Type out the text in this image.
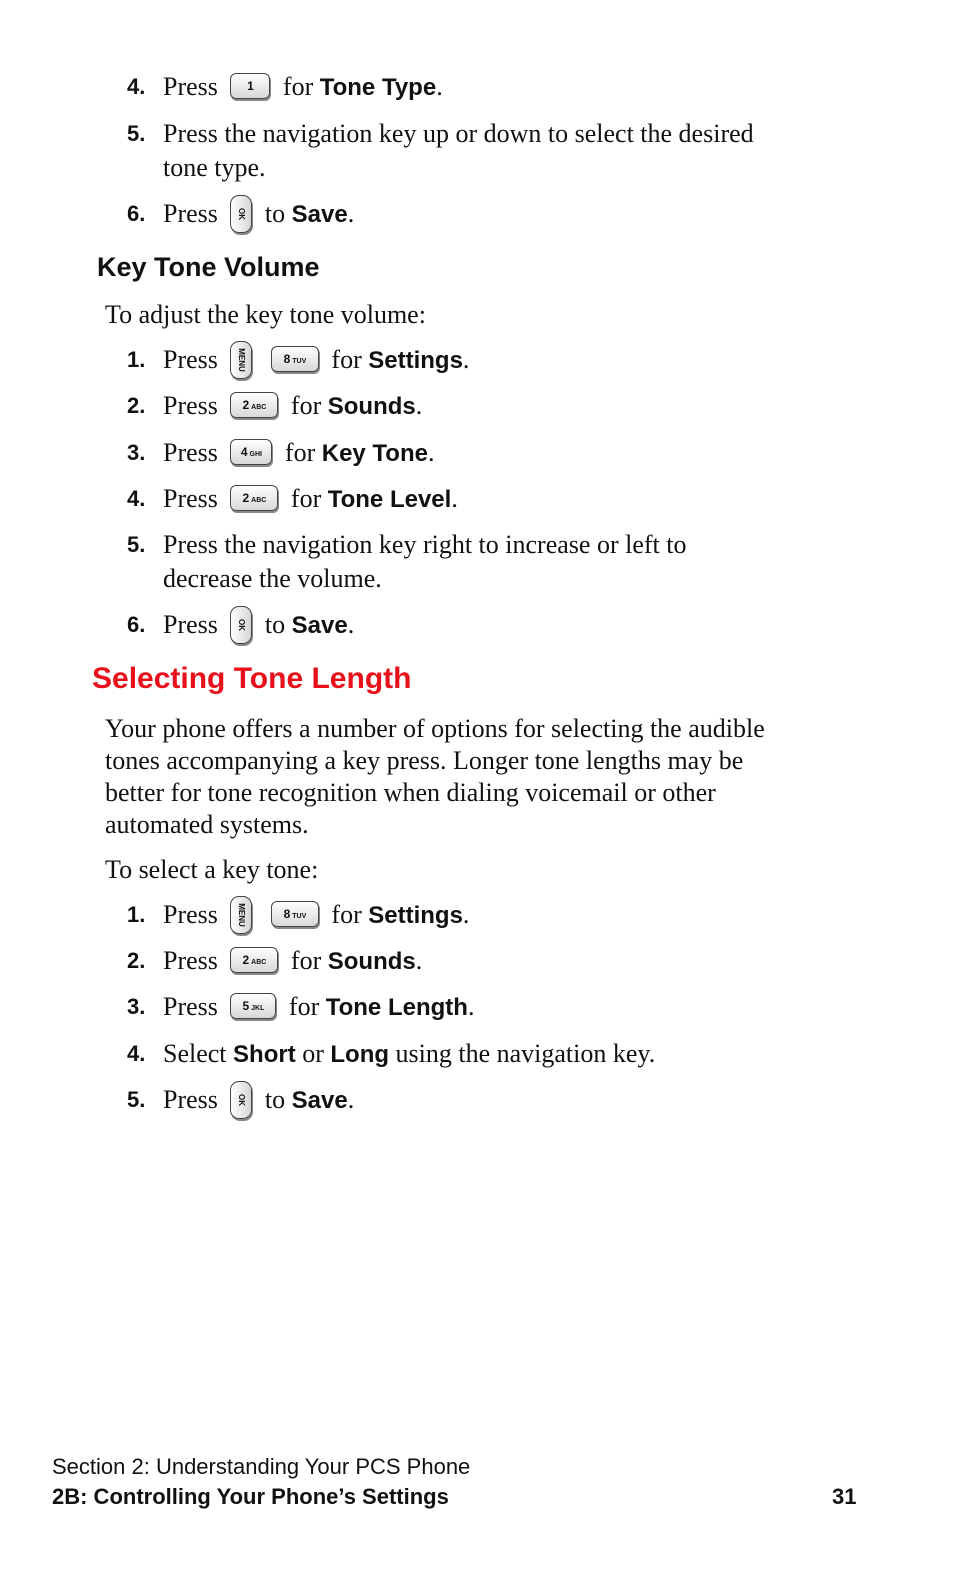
4. Press 1 for Tone Type.
5. Press the navigation key up or down to select the desired
tone type.
6. Press	OK to Save.
Key Tone Volume
To adjust the key tone volume:
1. Press	MENU	8 TUV for Settings.
2. Press 2 ABC for Sounds.
3. Press 4 GHI for Key Tone.
4. Press 2 ABC for Tone Level.
5. Press the navigation key right to increase or left to
decrease the volume.
6. Press	OK to Save.
Selecting Tone Length
Your phone offers a number of options for selecting the audible
tones accompanying a key press. Longer tone lengths may be
better for tone recognition when dialing voicemail or other
automated systems.
To select a key tone:
1. Press	MENU	8 TUV for Settings.
2. Press 2 ABC for Sounds.
3. Press 5 JKL for Tone Length.
4. Select Short or Long using the navigation key.
5. Press	OK to Save.
Section 2: Understanding Your PCS Phone
2B: Controlling Your Phone’s Settings	31
